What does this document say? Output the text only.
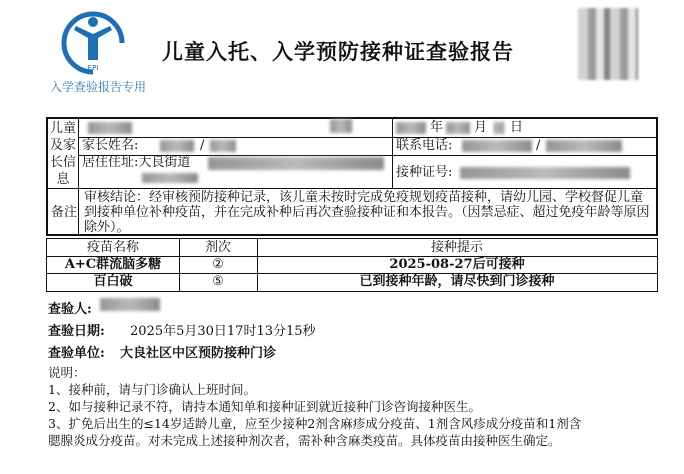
EPI
入学查验报告专用
儿童入托、入学预防接种证查验报告
儿童及家长信息
年 月 日
家长姓名:	/	联系电话:	/
居住住址:大良街道
接种证号:
备注
审核结论：经审核预防接种记录，该儿童未按时完成免疫规划疫苗接种，请幼儿园、学校督促儿童到接种单位补种疫苗，并在完成补种后再次查验接种证和本报告。（因禁忌症、超过免疫年龄等原因除外）。
疫苗名称	剂次	接种提示
A+C群流脑多糖	②	2025-08-27后可接种
百白破	⑤	已到接种年龄，请尽快到门诊接种
查验人:
查验日期: 2025年5月30日17时13分15秒
查验单位: 大良社区中区预防接种门诊
说明：
1、接种前，请与门诊确认上班时间。
2、如与接种记录不符，请持本通知单和接种证到就近接种门诊咨询接种医生。
3、扩免后出生的≤14岁适龄儿童，应至少接种2剂含麻疹成分疫苗、1剂含风疹成分疫苗和1剂含
腮腺炎成分疫苗。对未完成上述接种剂次者，需补种含麻类疫苗。具体疫苗由接种医生确定。
